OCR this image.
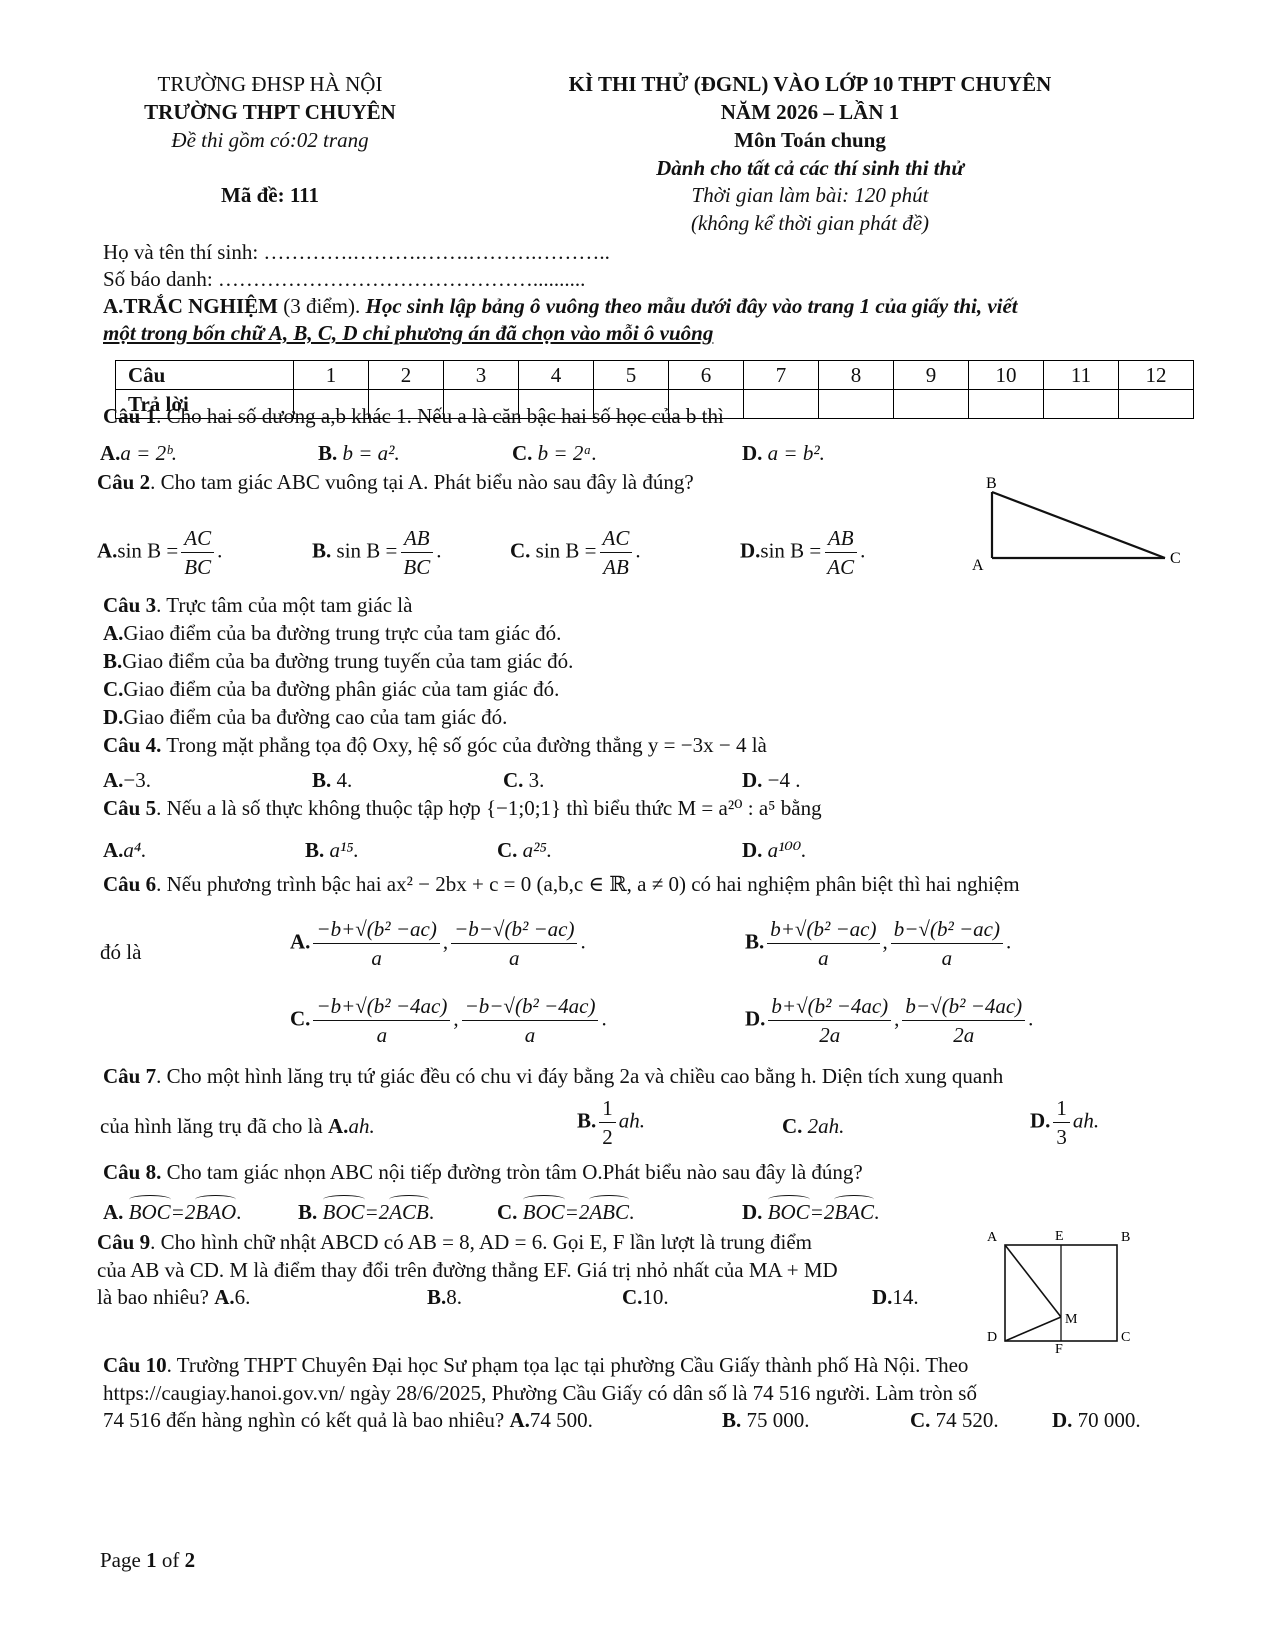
TRƯỜNG ĐHSP HÀ NỘI
TRƯỜNG THPT CHUYÊN
Đề thi gồm có:02 trang
Mã đề: 111
KÌ THI THỬ (ĐGNL) VÀO LỚP 10 THPT CHUYÊN
NĂM 2026 – LẦN 1
Môn Toán chung
Dành cho tất cả các thí sinh thi thử
Thời gian làm bài: 120 phút
(không kể thời gian phát đề)
Họ và tên thí sinh: ………….……….…….……….………..
Số báo danh: ………………………………………..........
A.TRẮC NGHIỆM (3 điểm). Học sinh lập bảng ô vuông theo mẫu dưới đây vào trang 1 của giấy thi, viết
một trong bốn chữ A, B, C, D chỉ phương án đã chọn vào mỗi ô vuông
Câu	1	2	3	4	5	6	7	8	9	10	11	12
Trả lời												
Câu 1. Cho hai số dương a,b khác 1. Nếu a là căn bậc hai số học của b thì
A.a = 2ᵇ.	B. b = a².	C. b = 2ᵃ.	D. a = b².
Câu 2. Cho tam giác ABC vuông tại A. Phát biểu nào sau đây là đúng?
A.sin $B = \frac{AC}{BC}$ .	B. $\sin B = \frac{AB}{BC}$ .	C. $\sin B = \frac{AC}{AB}$ .	D.sin $B = \frac{AB}{AC}$ .
B
A	C
Câu 3. Trực tâm của một tam giác là
A.Giao điểm của ba đường trung trực của tam giác đó.
B.Giao điểm của ba đường trung tuyến của tam giác đó.
C.Giao điểm của ba đường phân giác của tam giác đó.
D.Giao điểm của ba đường cao của tam giác đó.
Câu 4. Trong mặt phẳng tọa độ Oxy, hệ số góc của đường thẳng y = −3x − 4 là
A.−3.	B. 4.	C. 3.	D. −4 .
Câu 5. Nếu a là số thực không thuộc tập hợp {−1;0;1} thì biểu thức M = a²⁰ : a⁵ bằng
A.a⁴.	B. a¹⁵.	C. a²⁵.	D. a¹⁰⁰.
Câu 6. Nếu phương trình bậc hai ax² − 2bx + c = 0 (a,b,c ∈ ℝ, a ≠ 0) có hai nghiệm phân biệt thì hai nghiệm
đó là	A. $\frac{\text{−b+√(b² −ac)}}{a}$ , $\frac{\text{−b−√(b² −ac)}}{a}$ .	B. $\frac{\text{b+√(b² −ac)}}{a}$ , $\frac{\text{b−√(b² −ac)}}{a}$ .
C. $\frac{\text{−b+√(b² −4ac)}}{a}$ , $\frac{\text{−b−√(b² −4ac)}}{a}$ .	D. $\frac{\text{b+√(b² −4ac)}}{2a}$ , $\frac{\text{b−√(b² −4ac)}}{2a}$ .
Câu 7. Cho một hình lăng trụ tứ giác đều có chu vi đáy bằng 2a và chiều cao bằng h. Diện tích xung quanh
của hình lăng trụ đã cho là A.ah.	B. $\frac{1}{2}$ ah.	C. 2ah.	D. $\frac{1}{3}$ ah.
Câu 8. Cho tam giác nhọn ABC nội tiếp đường tròn tâm O.Phát biểu nào sau đây là đúng?
A. BOC=2BAO.	B. BOC=2ACB.	C. BOC=2ABC.	D. BOC=2BAC.
Câu 9. Cho hình chữ nhật ABCD có AB = 8, AD = 6. Gọi E, F lần lượt là trung điểm
của AB và CD. M là điểm thay đổi trên đường thẳng EF. Giá trị nhỏ nhất của MA + MD
là bao nhiêu? A.6.	B.8.	C.10.	D.14.
A	E	B
M
D
F
C
Câu 10. Trường THPT Chuyên Đại học Sư phạm tọa lạc tại phường Cầu Giấy thành phố Hà Nội. Theo
https://caugiay.hanoi.gov.vn/ ngày 28/6/2025, Phường Cầu Giấy có dân số là 74 516 người. Làm tròn số
74 516 đến hàng nghìn có kết quả là bao nhiêu? A.74 500.	B. 75 000.	C. 74 520.	D. 70 000.
Page 1 of 2
